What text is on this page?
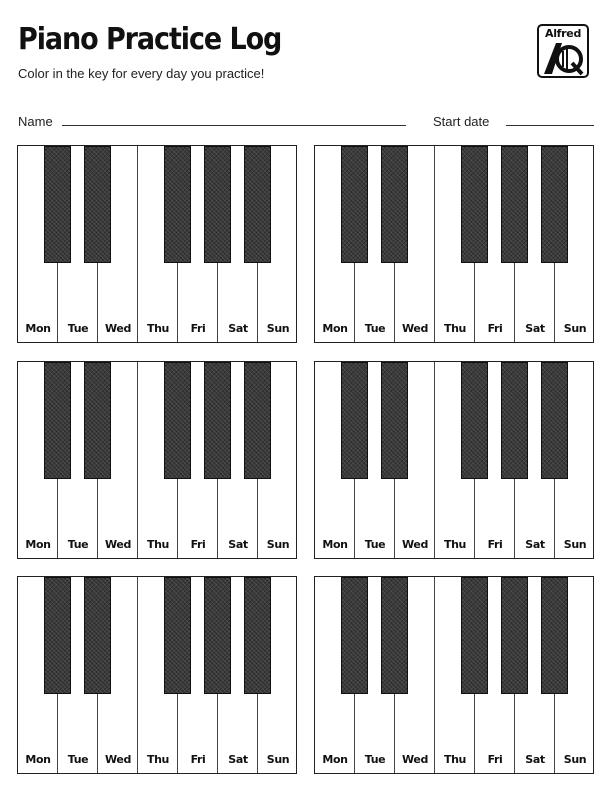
Piano Practice Log
Color in the key for every day you practice!
Alfred
Name	Start date
Mon	Tue	Wed	Thu	Fri	Sat	Sun	Mon	Tue	Wed	Thu	Fri	Sat	Sun
Mon	Tue	Wed	Thu	Fri	Sat	Sun	Mon	Tue	Wed	Thu	Fri	Sat	Sun
Mon	Tue	Wed	Thu	Fri	Sat	Sun	Mon	Tue	Wed	Thu	Fri	Sat	Sun
